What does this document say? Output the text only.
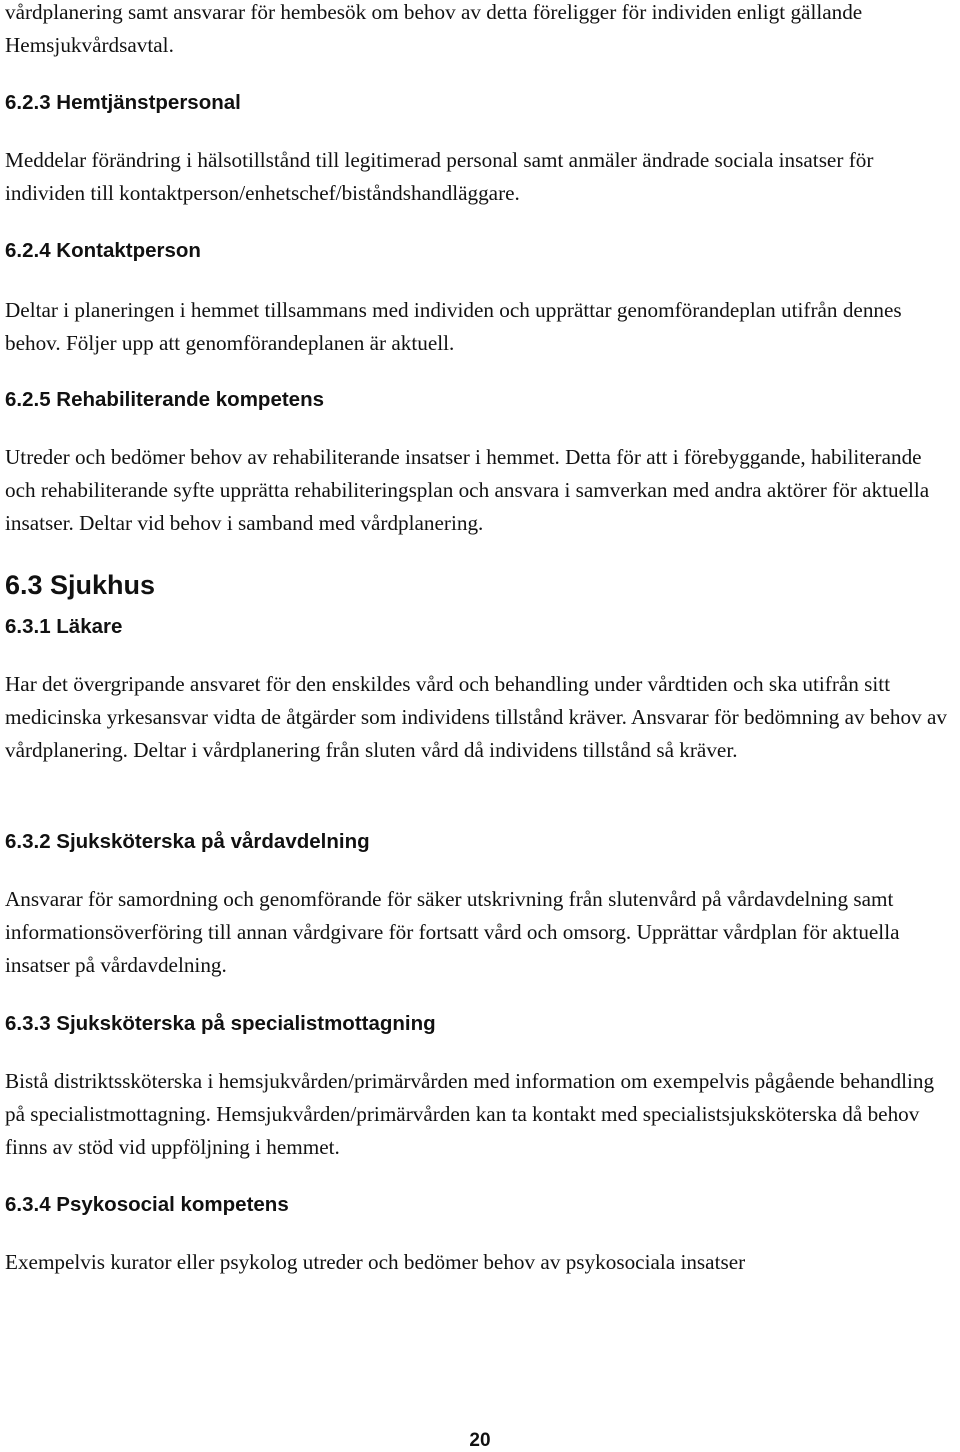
vårdplanering samt ansvarar för hembesök om behov av detta föreligger för individen enligt gällande Hemsjukvårdsavtal.

6.2.3 Hemtjänstpersonal

Meddelar förändring i hälsotillstånd till legitimerad personal samt anmäler ändrade sociala insatser för individen till kontaktperson/enhetschef/biståndshandläggare.

6.2.4 Kontaktperson

Deltar i planeringen i hemmet tillsammans med individen och upprättar genomförandeplan utifrån dennes behov. Följer upp att genomförandeplanen är aktuell.

6.2.5 Rehabiliterande kompetens

Utreder och bedömer behov av rehabiliterande insatser i hemmet. Detta för att i förebyggande, habiliterande och rehabiliterande syfte upprätta rehabiliteringsplan och ansvara i samverkan med andra aktörer för aktuella insatser. Deltar vid behov i samband med vårdplanering.

6.3 Sjukhus
6.3.1 Läkare

Har det övergripande ansvaret för den enskildes vård och behandling under vårdtiden och ska utifrån sitt medicinska yrkesansvar vidta de åtgärder som individens tillstånd kräver. Ansvarar för bedömning av behov av vårdplanering. Deltar i vårdplanering från sluten vård då individens tillstånd så kräver.

6.3.2 Sjuksköterska på vårdavdelning

Ansvarar för samordning och genomförande för säker utskrivning från slutenvård på vårdavdelning samt informationsöverföring till annan vårdgivare för fortsatt vård och omsorg. Upprättar vårdplan för aktuella insatser på vårdavdelning.

6.3.3 Sjuksköterska på specialistmottagning

Bistå distriktssköterska i hemsjukvården/primärvården med information om exempelvis pågående behandling på specialistmottagning. Hemsjukvården/primärvården kan ta kontakt med specialistsjuksköterska då behov finns av stöd vid uppföljning i hemmet.

6.3.4 Psykosocial kompetens

Exempelvis kurator eller psykolog utreder och bedömer behov av psykosociala insatser

20
